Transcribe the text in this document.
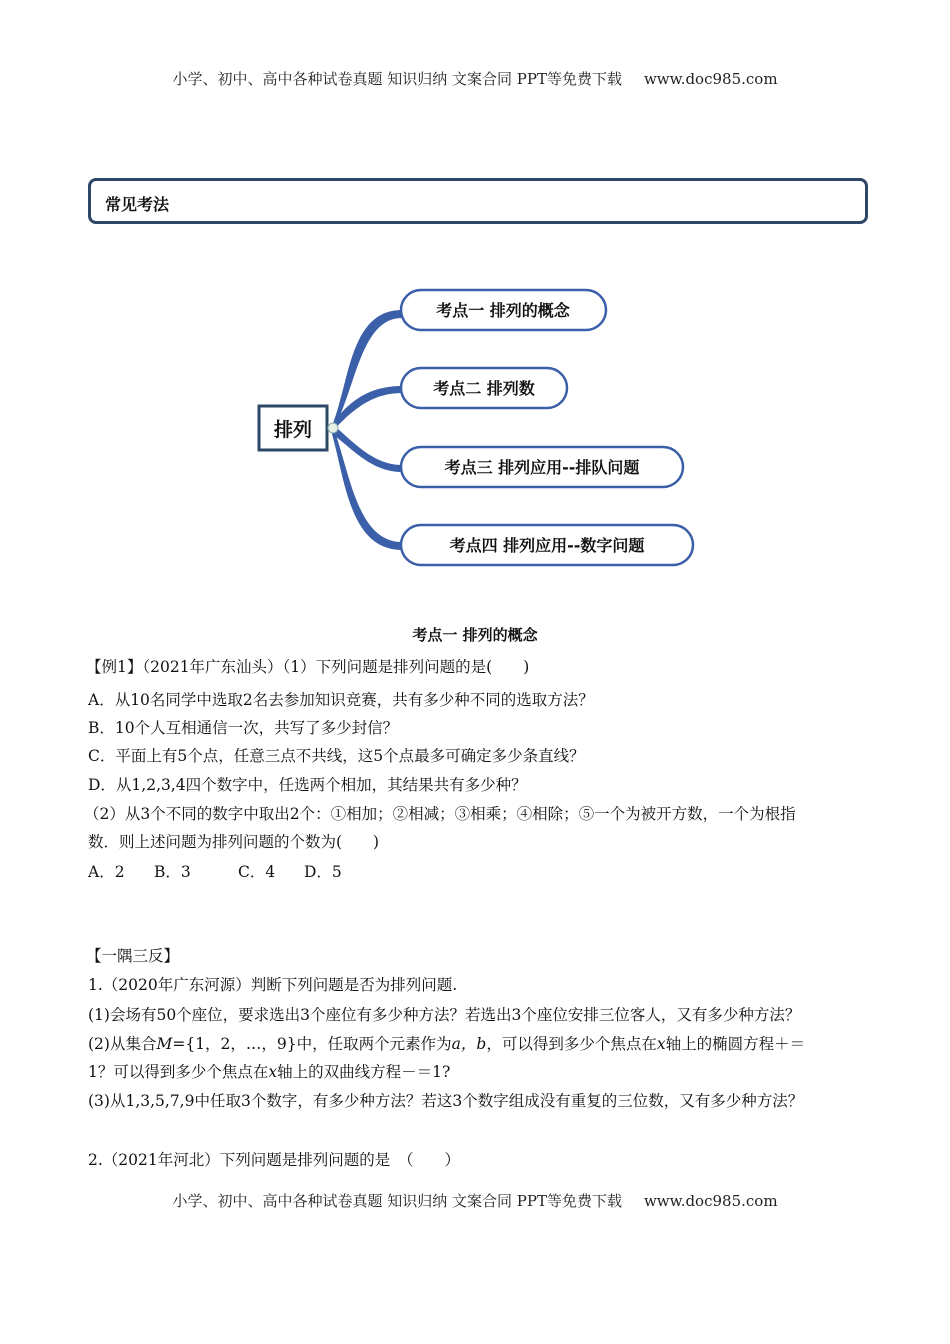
小学、初中、高中各种试卷真题 知识归纳 文案合同 PPT等免费下载 www.doc985.com
常见考法
排列
考点一 排列的概念
考点二 排列数
考点三 排列应用--排队问题
考点四 排列应用--数字问题
考点一 排列的概念
【例1】（2021年广东汕头）（1）下列问题是排列问题的是(　　)
A．从10名同学中选取2名去参加知识竞赛，共有多少种不同的选取方法？
B．10个人互相通信一次，共写了多少封信？
C．平面上有5个点，任意三点不共线，这5个点最多可确定多少条直线？
D．从1,2,3,4四个数字中，任选两个相加，其结果共有多少种？
（2）从3个不同的数字中取出2个：①相加；②相减；③相乘；④相除；⑤一个为被开方数，一个为根指
数．则上述问题为排列问题的个数为(　　)
A．2 B．3	C．4 D．5
【一隅三反】
1.（2020年广东河源）判断下列问题是否为排列问题.
(1)会场有50个座位，要求选出3个座位有多少种方法？若选出3个座位安排三位客人，又有多少种方法？
(2)从集合M={1，2，…，9}中，任取两个元素作为a，b，可以得到多少个焦点在x轴上的椭圆方程＋＝
1？可以得到多少个焦点在x轴上的双曲线方程－＝1?
(3)从1,3,5,7,9中任取3个数字，有多少种方法？若这3个数字组成没有重复的三位数，又有多少种方法？
2.（2021年河北）下列问题是排列问题的是　（　　）
小学、初中、高中各种试卷真题 知识归纳 文案合同 PPT等免费下载 www.doc985.com
